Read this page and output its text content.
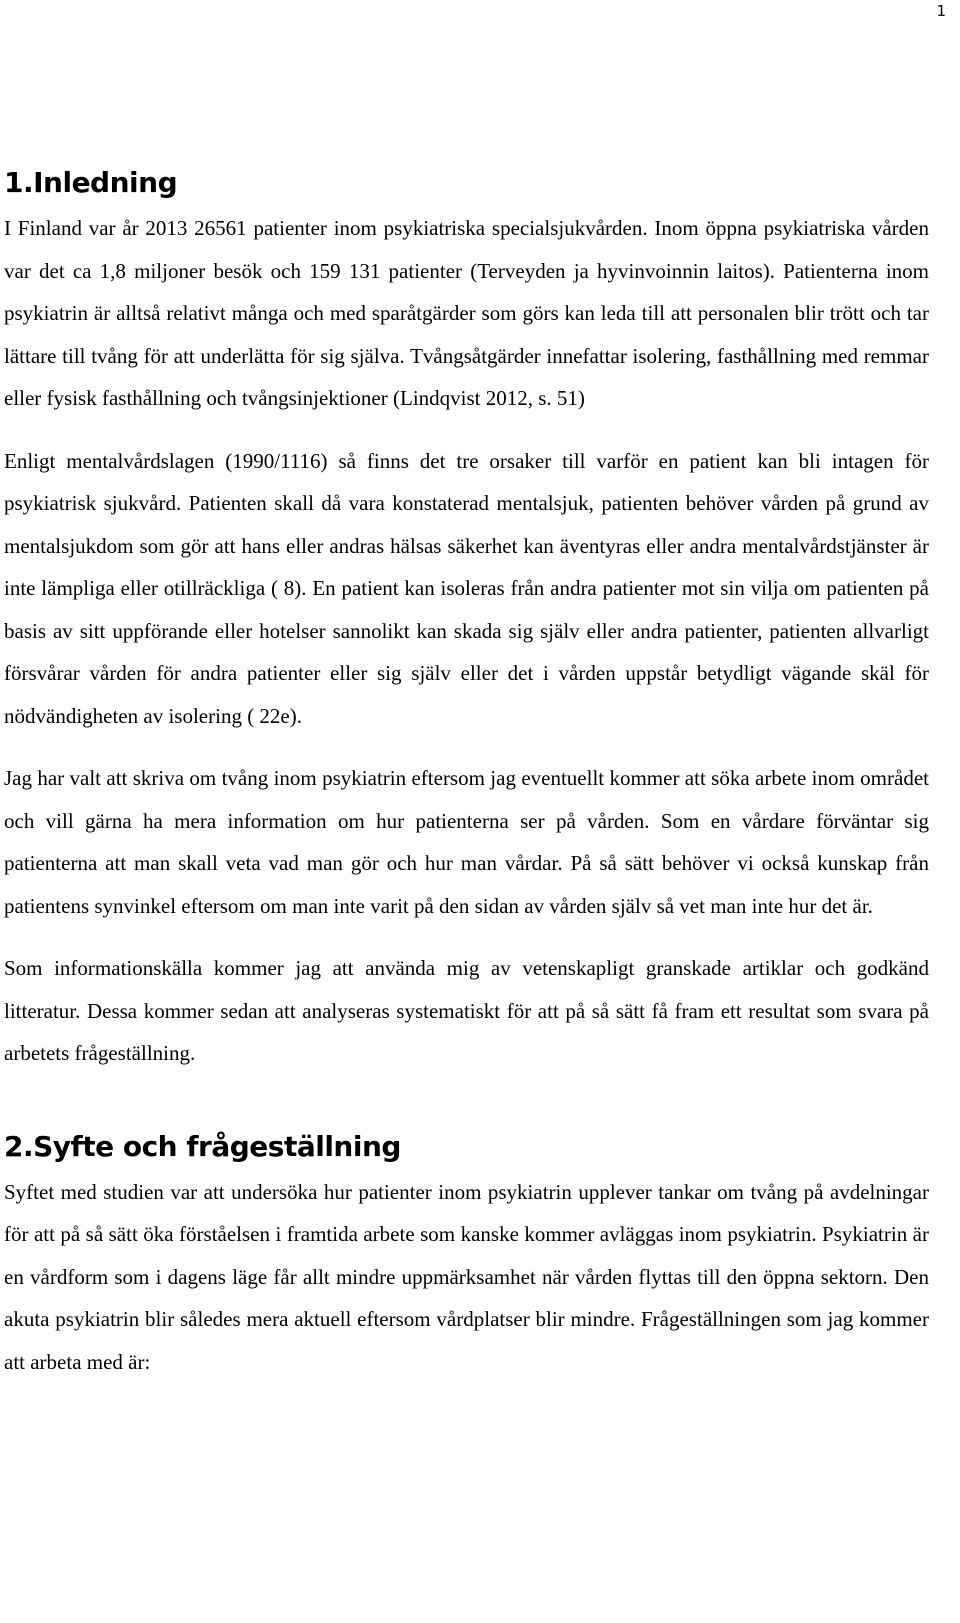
1
1.Inledning

I Finland var år 2013 26561 patienter inom psykiatriska specialsjukvården. Inom öppna psykiatriska vården var det ca 1,8 miljoner besök och 159 131 patienter (Terveyden ja hyvinvoinnin laitos). Patienterna inom psykiatrin är alltså relativt många och med sparåtgärder som görs kan leda till att personalen blir trött och tar lättare till tvång för att underlätta för sig själva. Tvångsåtgärder innefattar isolering, fasthållning med remmar eller fysisk fasthållning och tvångsinjektioner (Lindqvist 2012, s. 51)

Enligt mentalvårdslagen (1990/1116) så finns det tre orsaker till varför en patient kan bli intagen för psykiatrisk sjukvård. Patienten skall då vara konstaterad mentalsjuk, patienten behöver vården på grund av mentalsjukdom som gör att hans eller andras hälsas säkerhet kan äventyras eller andra mentalvårdstjänster är inte lämpliga eller otillräckliga ( 8). En patient kan isoleras från andra patienter mot sin vilja om patienten på basis av sitt uppförande eller hotelser sannolikt kan skada sig själv eller andra patienter, patienten allvarligt försvårar vården för andra patienter eller sig själv eller det i vården uppstår betydligt vägande skäl för nödvändigheten av isolering ( 22e).

Jag har valt att skriva om tvång inom psykiatrin eftersom jag eventuellt kommer att söka arbete inom området och vill gärna ha mera information om hur patienterna ser på vården. Som en vårdare förväntar sig patienterna att man skall veta vad man gör och hur man vårdar. På så sätt behöver vi också kunskap från patientens synvinkel eftersom om man inte varit på den sidan av vården själv så vet man inte hur det är.

Som informationskälla kommer jag att använda mig av vetenskapligt granskade artiklar och godkänd litteratur. Dessa kommer sedan att analyseras systematiskt för att på så sätt få fram ett resultat som svara på arbetets frågeställning.

2.Syfte och frågeställning

Syftet med studien var att undersöka hur patienter inom psykiatrin upplever tankar om tvång på avdelningar för att på så sätt öka förståelsen i framtida arbete som kanske kommer avläggas inom psykiatrin. Psykiatrin är en vårdform som i dagens läge får allt mindre uppmärksamhet när vården flyttas till den öppna sektorn. Den akuta psykiatrin blir således mera aktuell eftersom vårdplatser blir mindre. Frågeställningen som jag kommer att arbeta med är:
